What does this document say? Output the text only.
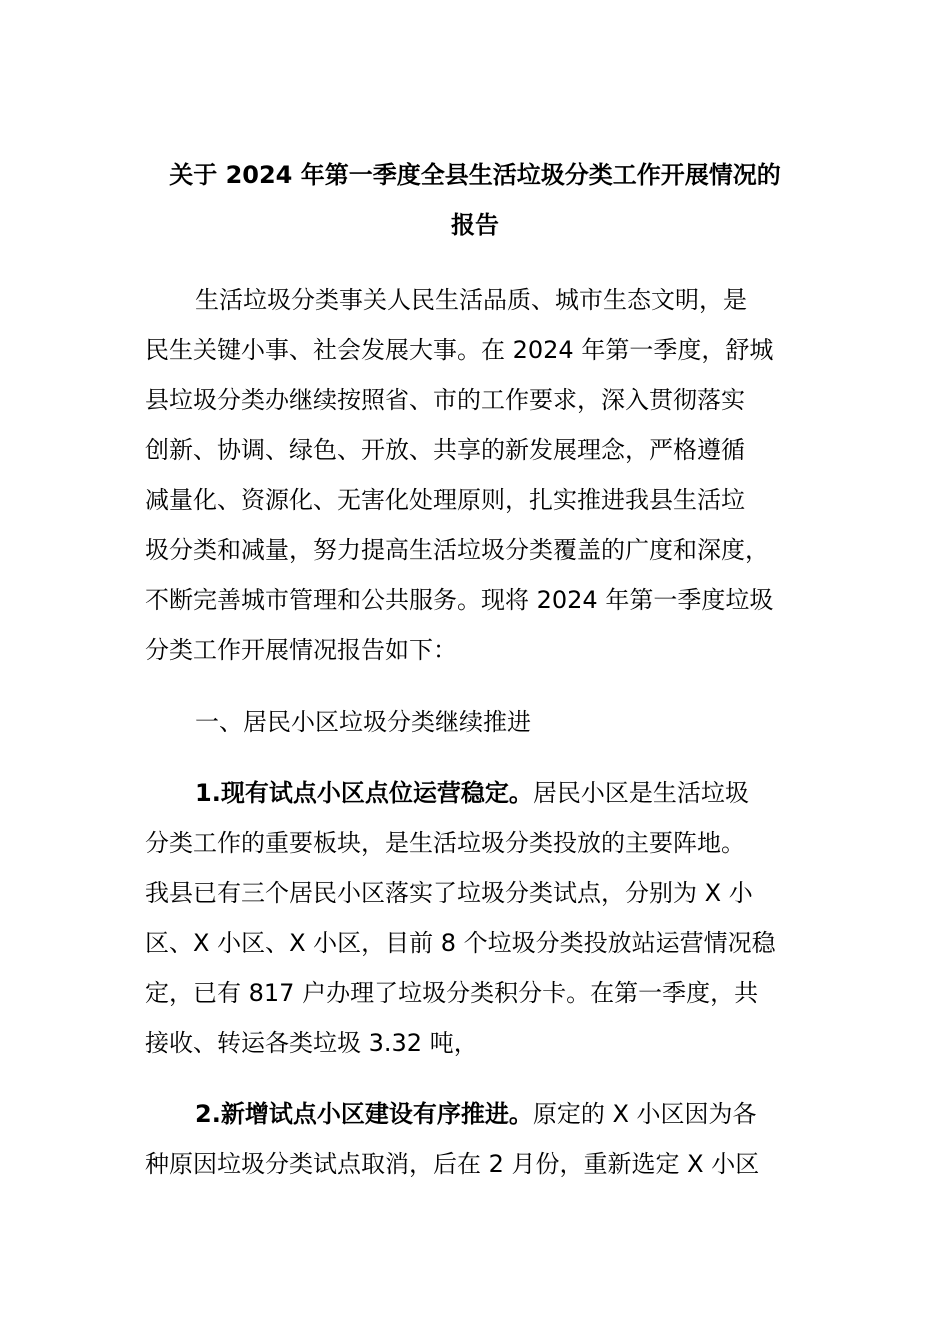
关于 2024 年第一季度全县生活垃圾分类工作开展情况的
报告
生活垃圾分类事关人民生活品质、城市生态文明，是
民生关键小事、社会发展大事。在 2024 年第一季度，舒城
县垃圾分类办继续按照省、市的工作要求，深入贯彻落实
创新、协调、绿色、开放、共享的新发展理念，严格遵循
减量化、资源化、无害化处理原则，扎实推进我县生活垃
圾分类和减量，努力提高生活垃圾分类覆盖的广度和深度，
不断完善城市管理和公共服务。现将 2024 年第一季度垃圾
分类工作开展情况报告如下：
一、居民小区垃圾分类继续推进
1.现有试点小区点位运营稳定。居民小区是生活垃圾
分类工作的重要板块，是生活垃圾分类投放的主要阵地。
我县已有三个居民小区落实了垃圾分类试点，分别为 X 小
区、X 小区、X 小区，目前 8 个垃圾分类投放站运营情况稳
定，已有 817 户办理了垃圾分类积分卡。在第一季度，共
接收、转运各类垃圾 3.32 吨，
2.新增试点小区建设有序推进。原定的 X 小区因为各
种原因垃圾分类试点取消，后在 2 月份，重新选定 X 小区
